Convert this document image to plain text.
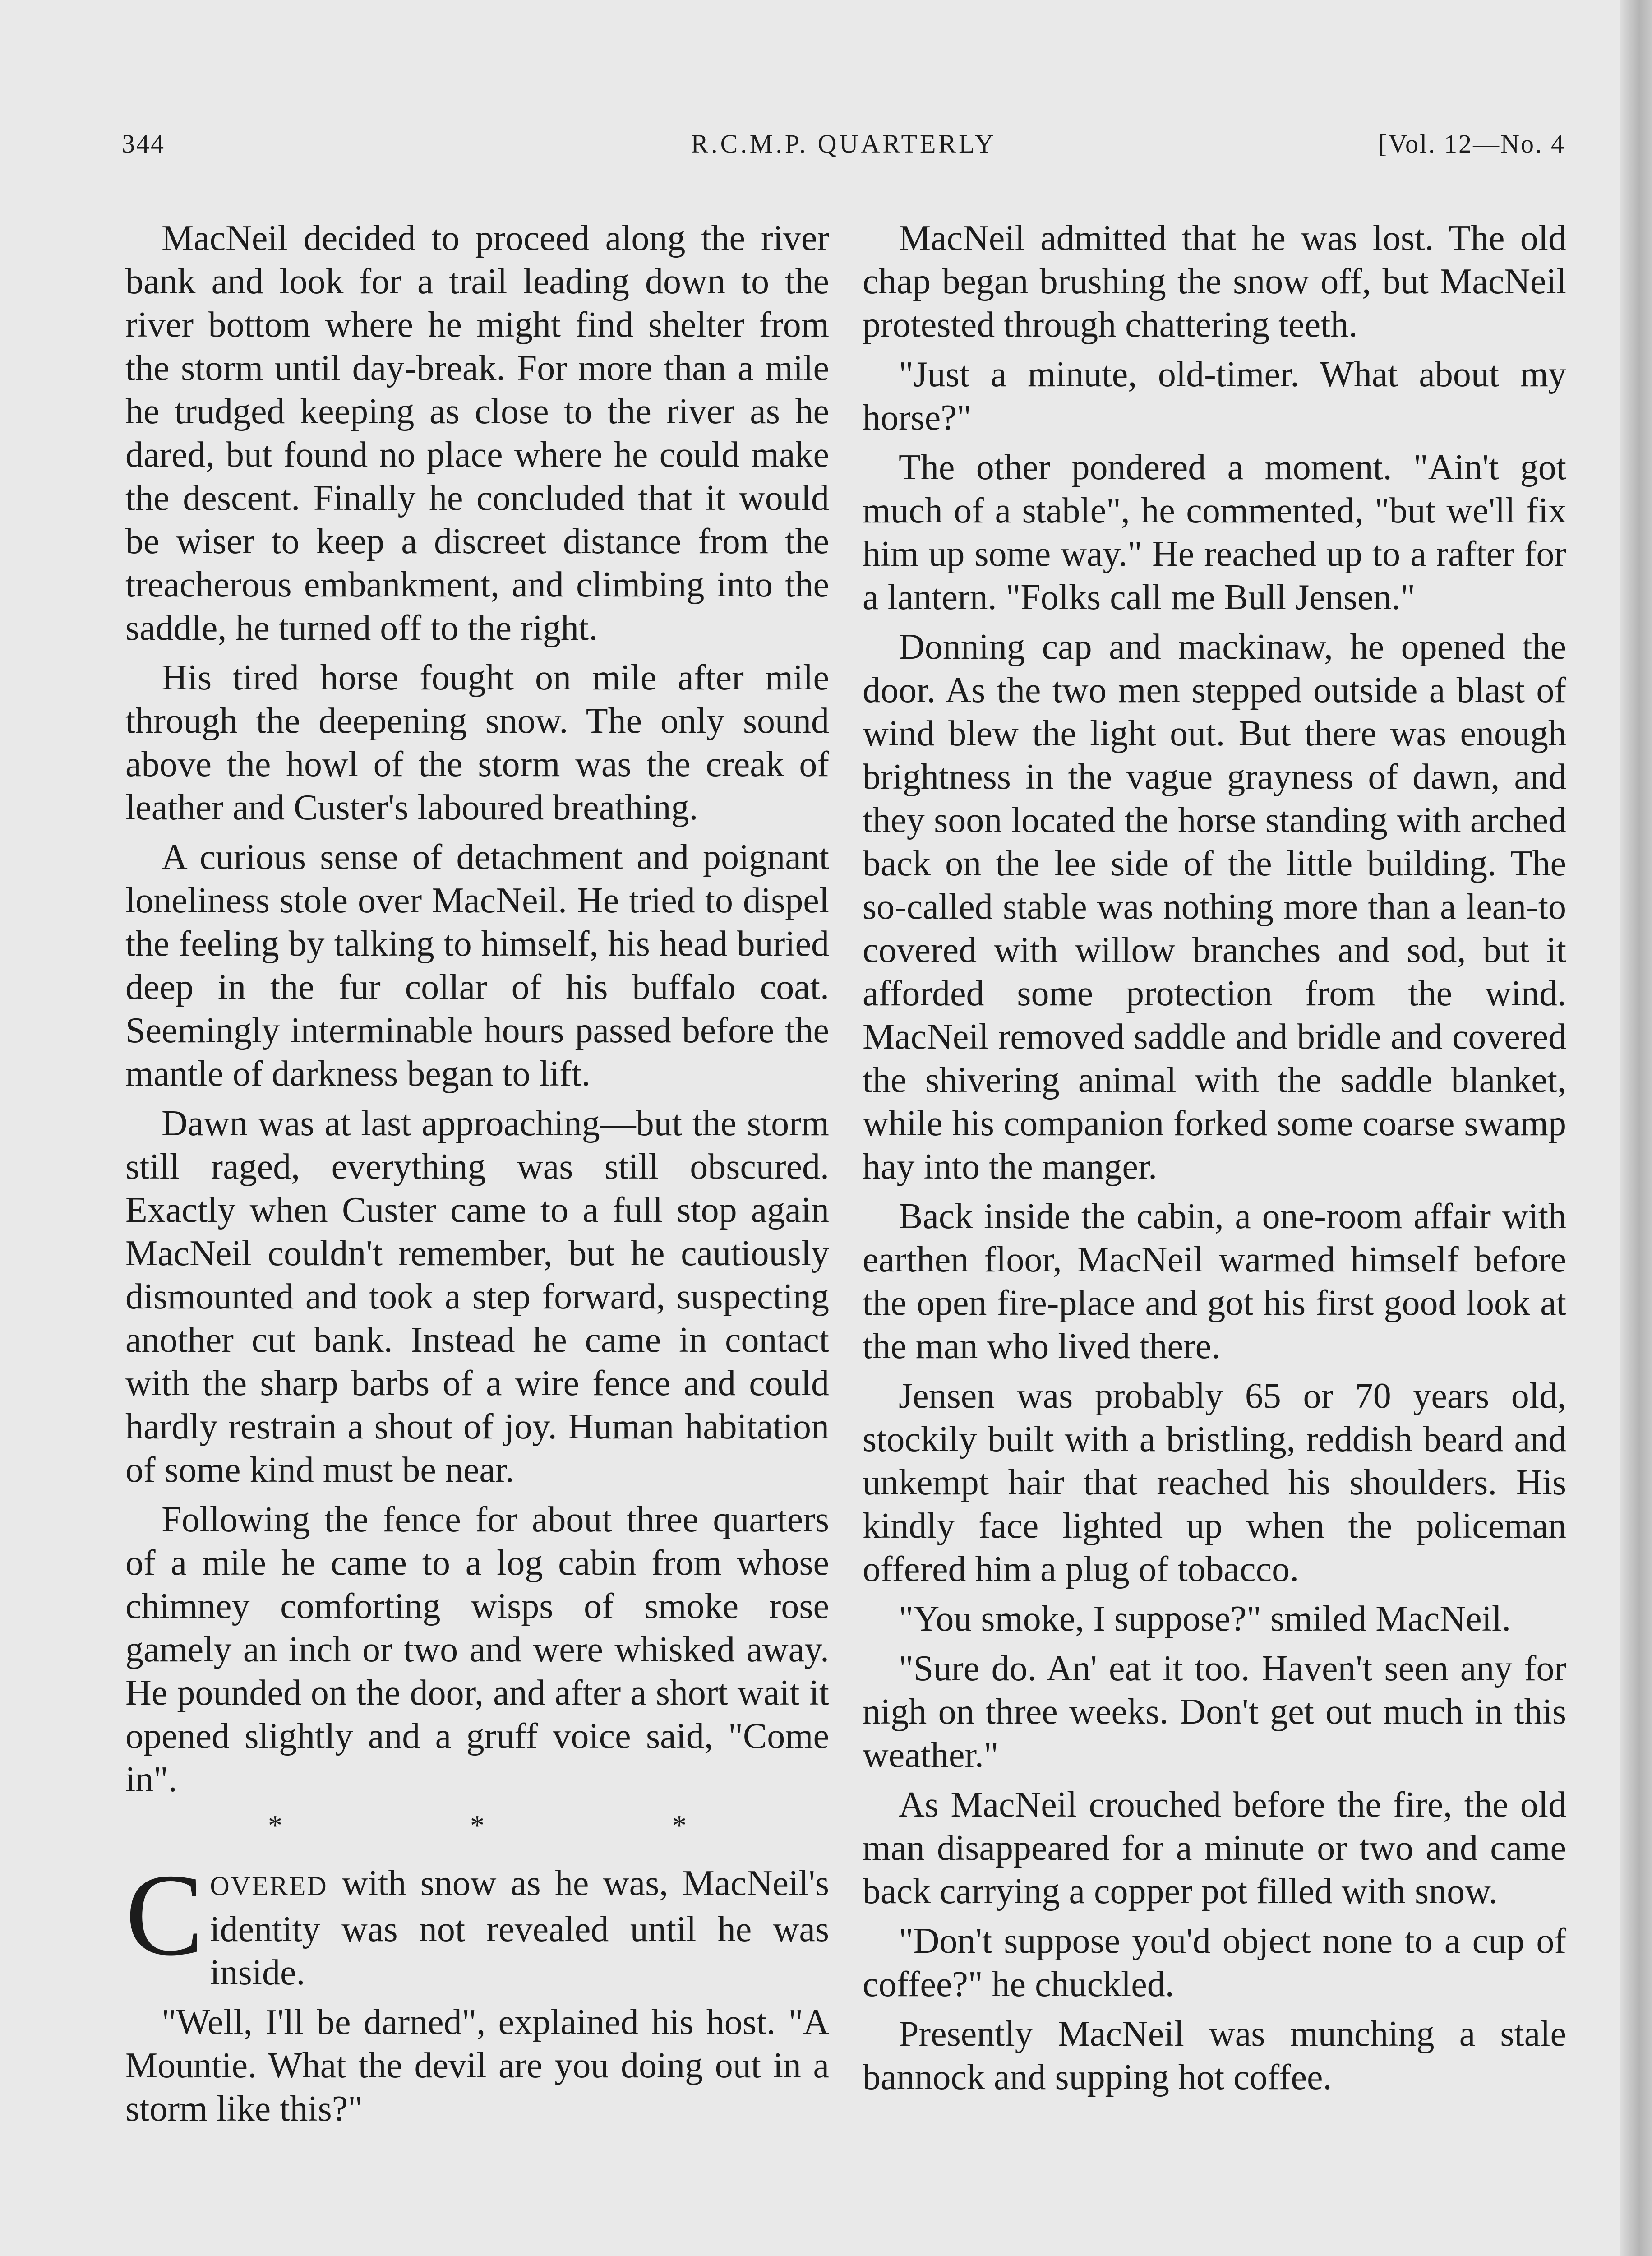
344	R.C.M.P. QUARTERLY	[Vol. 12—No. 4

MacNeil decided to proceed along the river bank and look for a trail leading down to the river bottom where he might find shelter from the storm until day-break. For more than a mile he trudged keeping as close to the river as he dared, but found no place where he could make the descent. Finally he concluded that it would be wiser to keep a discreet distance from the treacherous embankment, and climbing into the saddle, he turned off to the right.

His tired horse fought on mile after mile through the deepening snow. The only sound above the howl of the storm was the creak of leather and Custer's laboured breathing.

A curious sense of detachment and poignant loneliness stole over MacNeil. He tried to dispel the feeling by talking to himself, his head buried deep in the fur collar of his buffalo coat. Seemingly interminable hours passed before the mantle of darkness began to lift.

Dawn was at last approaching—but the storm still raged, everything was still obscured. Exactly when Custer came to a full stop again MacNeil couldn't remember, but he cautiously dismounted and took a step forward, suspecting another cut bank. Instead he came in contact with the sharp barbs of a wire fence and could hardly restrain a shout of joy. Human habitation of some kind must be near.

Following the fence for about three quarters of a mile he came to a log cabin from whose chimney comforting wisps of smoke rose gamely an inch or two and were whisked away. He pounded on the door, and after a short wait it opened slightly and a gruff voice said, "Come in".

* * *

COVERED with snow as he was, MacNeil's identity was not revealed until he was inside.

"Well, I'll be darned", explained his host. "A Mountie. What the devil are you doing out in a storm like this?"

MacNeil admitted that he was lost. The old chap began brushing the snow off, but MacNeil protested through chattering teeth.

"Just a minute, old-timer. What about my horse?"

The other pondered a moment. "Ain't got much of a stable", he commented, "but we'll fix him up some way." He reached up to a rafter for a lantern. "Folks call me Bull Jensen."

Donning cap and mackinaw, he opened the door. As the two men stepped outside a blast of wind blew the light out. But there was enough brightness in the vague grayness of dawn, and they soon located the horse standing with arched back on the lee side of the little building. The so-called stable was nothing more than a lean-to covered with willow branches and sod, but it afforded some protection from the wind. MacNeil removed saddle and bridle and covered the shivering animal with the saddle blanket, while his companion forked some coarse swamp hay into the manger.

Back inside the cabin, a one-room affair with earthen floor, MacNeil warmed himself before the open fire-place and got his first good look at the man who lived there.

Jensen was probably 65 or 70 years old, stockily built with a bristling, reddish beard and unkempt hair that reached his shoulders. His kindly face lighted up when the policeman offered him a plug of tobacco.

"You smoke, I suppose?" smiled MacNeil.

"Sure do. An' eat it too. Haven't seen any for nigh on three weeks. Don't get out much in this weather."

As MacNeil crouched before the fire, the old man disappeared for a minute or two and came back carrying a copper pot filled with snow.

"Don't suppose you'd object none to a cup of coffee?" he chuckled.

Presently MacNeil was munching a stale bannock and supping hot coffee.
